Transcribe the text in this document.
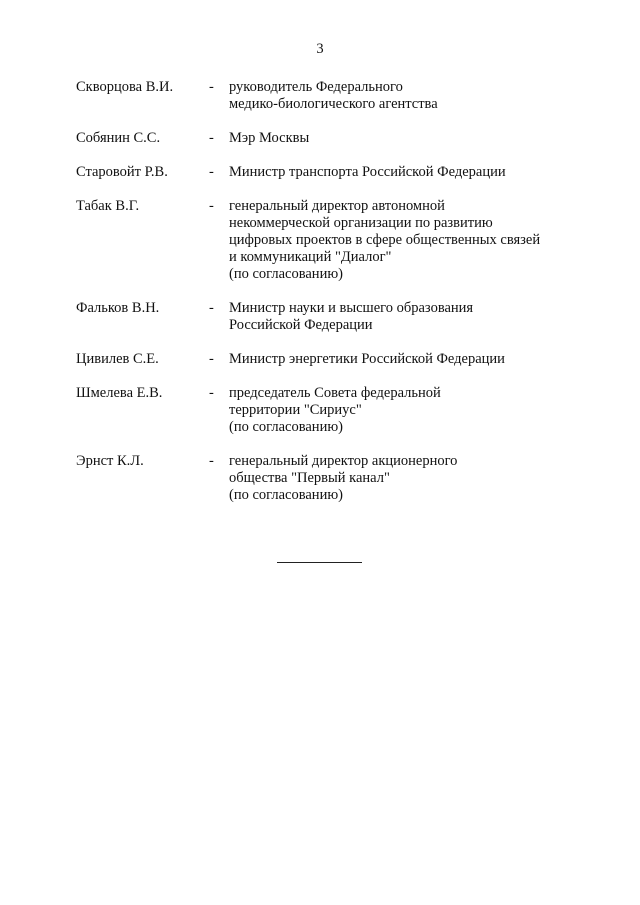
3
Скворцова В.И. - руководитель Федерального
медико-биологического агентства
Собянин С.С.	- Мэр Москвы
Старовойт Р.В.	- Министр транспорта Российской Федерации
Табак В.Г.	- генеральный директор автономной
некоммерческой организации по развитию
цифровых проектов в сфере общественных связей
и коммуникаций "Диалог"
(по согласованию)
Фальков В.Н.	- Министр науки и высшего образования
Российской Федерации
Цивилев С.Е.	- Министр энергетики Российской Федерации
Шмелева Е.В.	- председатель Совета федеральной
территории "Сириус"
(по согласованию)
Эрнст К.Л.	- генеральный директор акционерного
общества "Первый канал"
(по согласованию)
